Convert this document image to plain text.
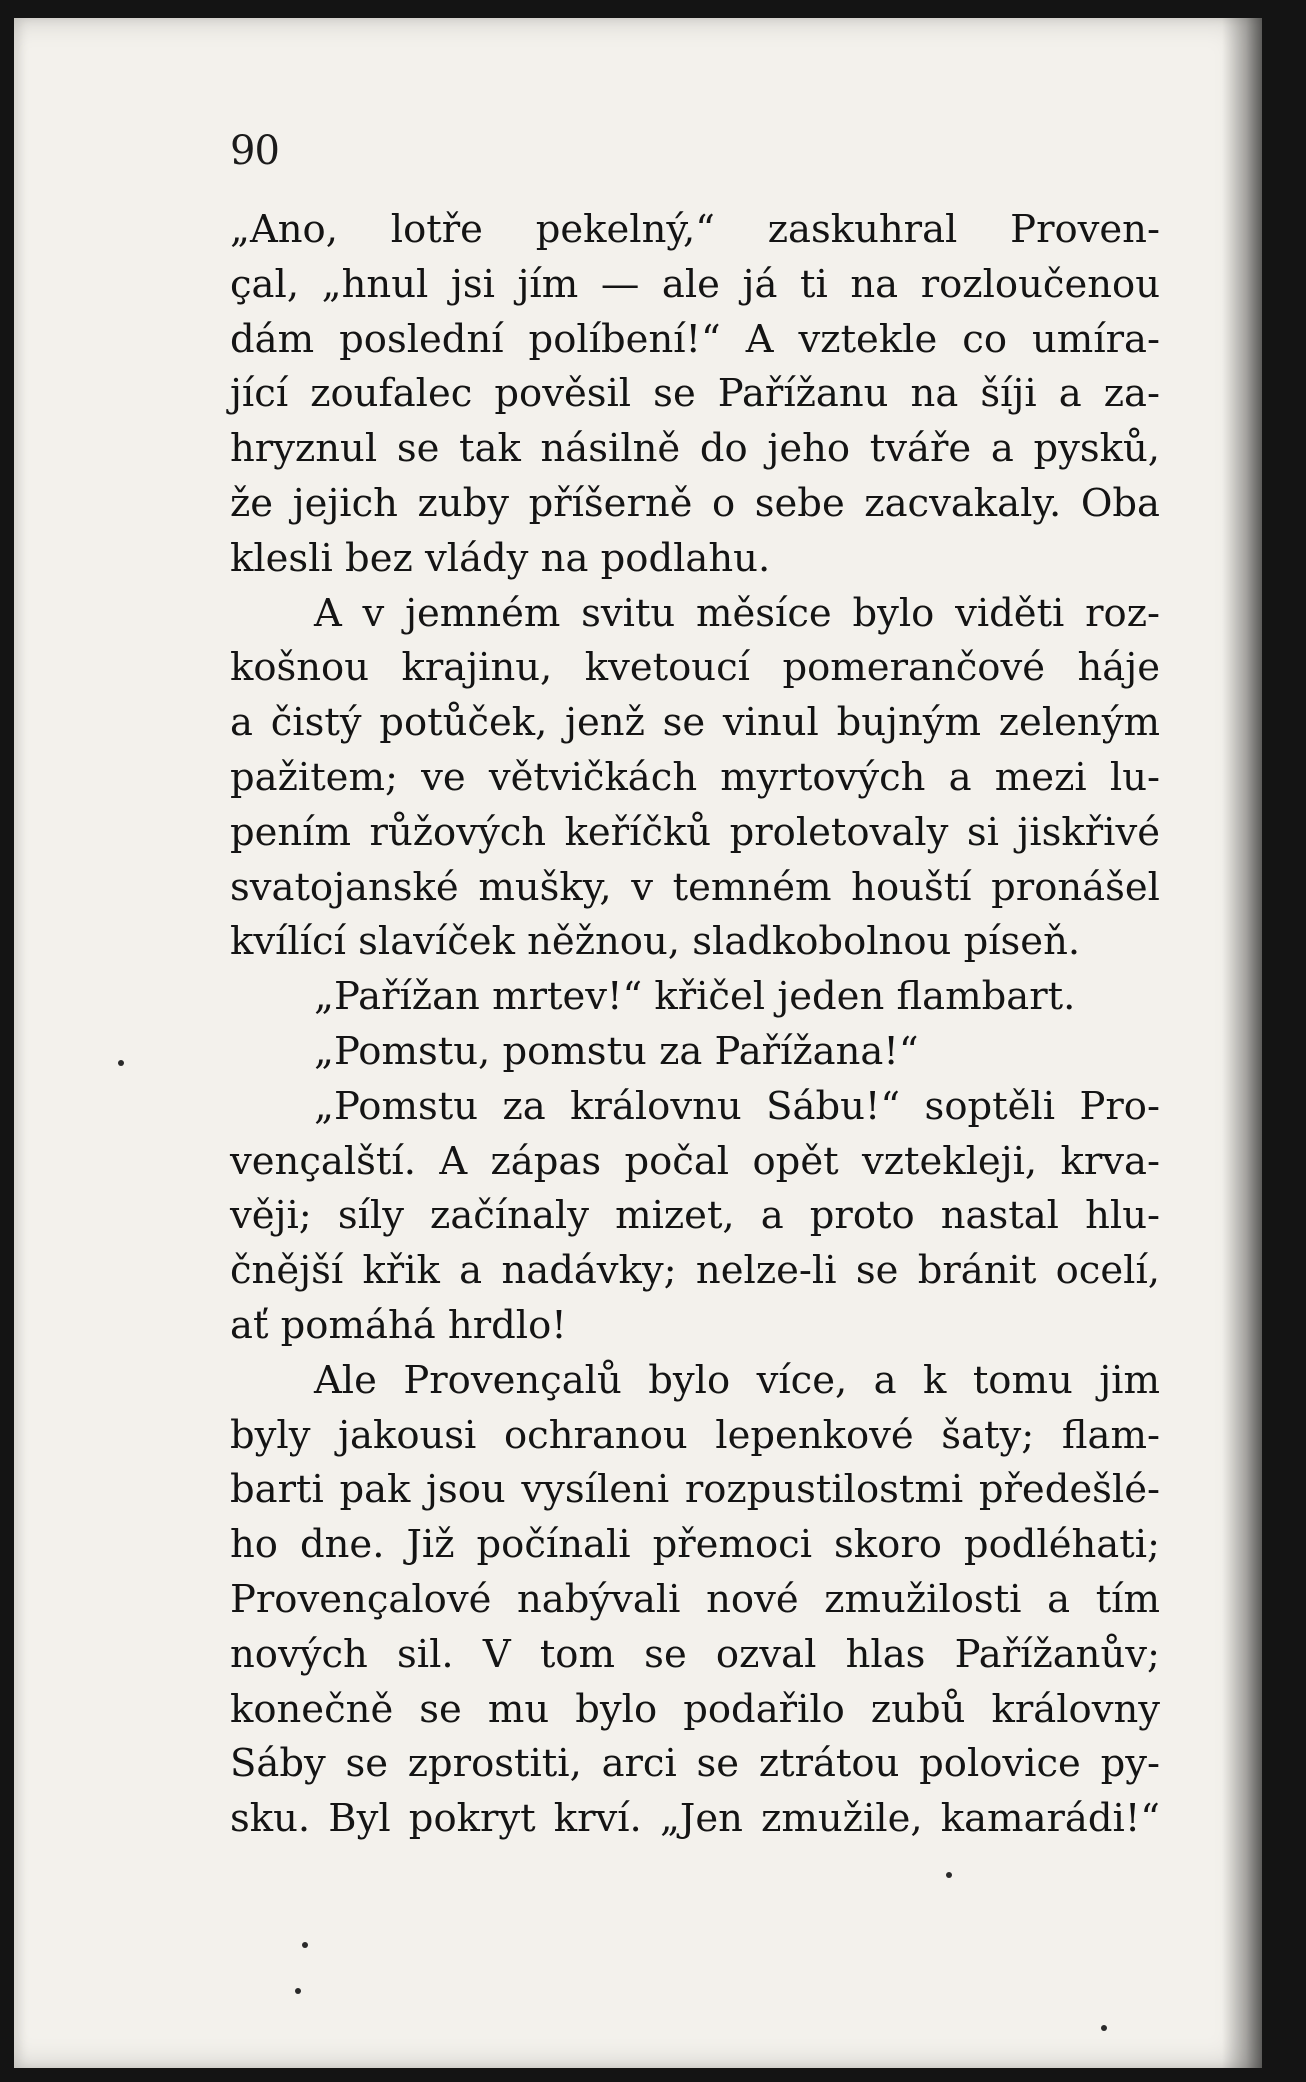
90
„Ano, lotře pekelný,“ zaskuhral Proven-
çal, „hnul jsi jím — ale já ti na rozloučenou
dám poslední políbení!“ A vztekle co umíra-
jící zoufalec pověsil se Pařížanu na šíji a za-
hryznul se tak násilně do jeho tváře a pysků,
že jejich zuby příšerně o sebe zacvakaly. Oba
klesli bez vlády na podlahu.
A v jemném svitu měsíce bylo viděti roz-
košnou krajinu, kvetoucí pomerančové háje
a čistý potůček, jenž se vinul bujným zeleným
pažitem; ve větvičkách myrtových a mezi lu-
pením růžových keříčků proletovaly si jiskřivé
svatojanské mušky, v temném houští pronášel
kvílící slavíček něžnou, sladkobolnou píseň.
„Pařížan mrtev!“ křičel jeden flambart.
„Pomstu, pomstu za Pařížana!“
„Pomstu za královnu Sábu!“ soptěli Pro-
vençalští. A zápas počal opět vztekleji, krva-
věji; síly začínaly mizet, a proto nastal hlu-
čnější křik a nadávky; nelze-li se bránit ocelí,
ať pomáhá hrdlo!
Ale Provençalů bylo více, a k tomu jim
byly jakousi ochranou lepenkové šaty; flam-
barti pak jsou vysíleni rozpustilostmi předešlé-
ho dne. Již počínali přemoci skoro podléhati;
Provençalové nabývali nové zmužilosti a tím
nových sil. V tom se ozval hlas Pařížanův;
konečně se mu bylo podařilo zubů královny
Sáby se zprostiti, arci se ztrátou polovice py-
sku. Byl pokryt krví. „Jen zmužile, kamarádi!“
